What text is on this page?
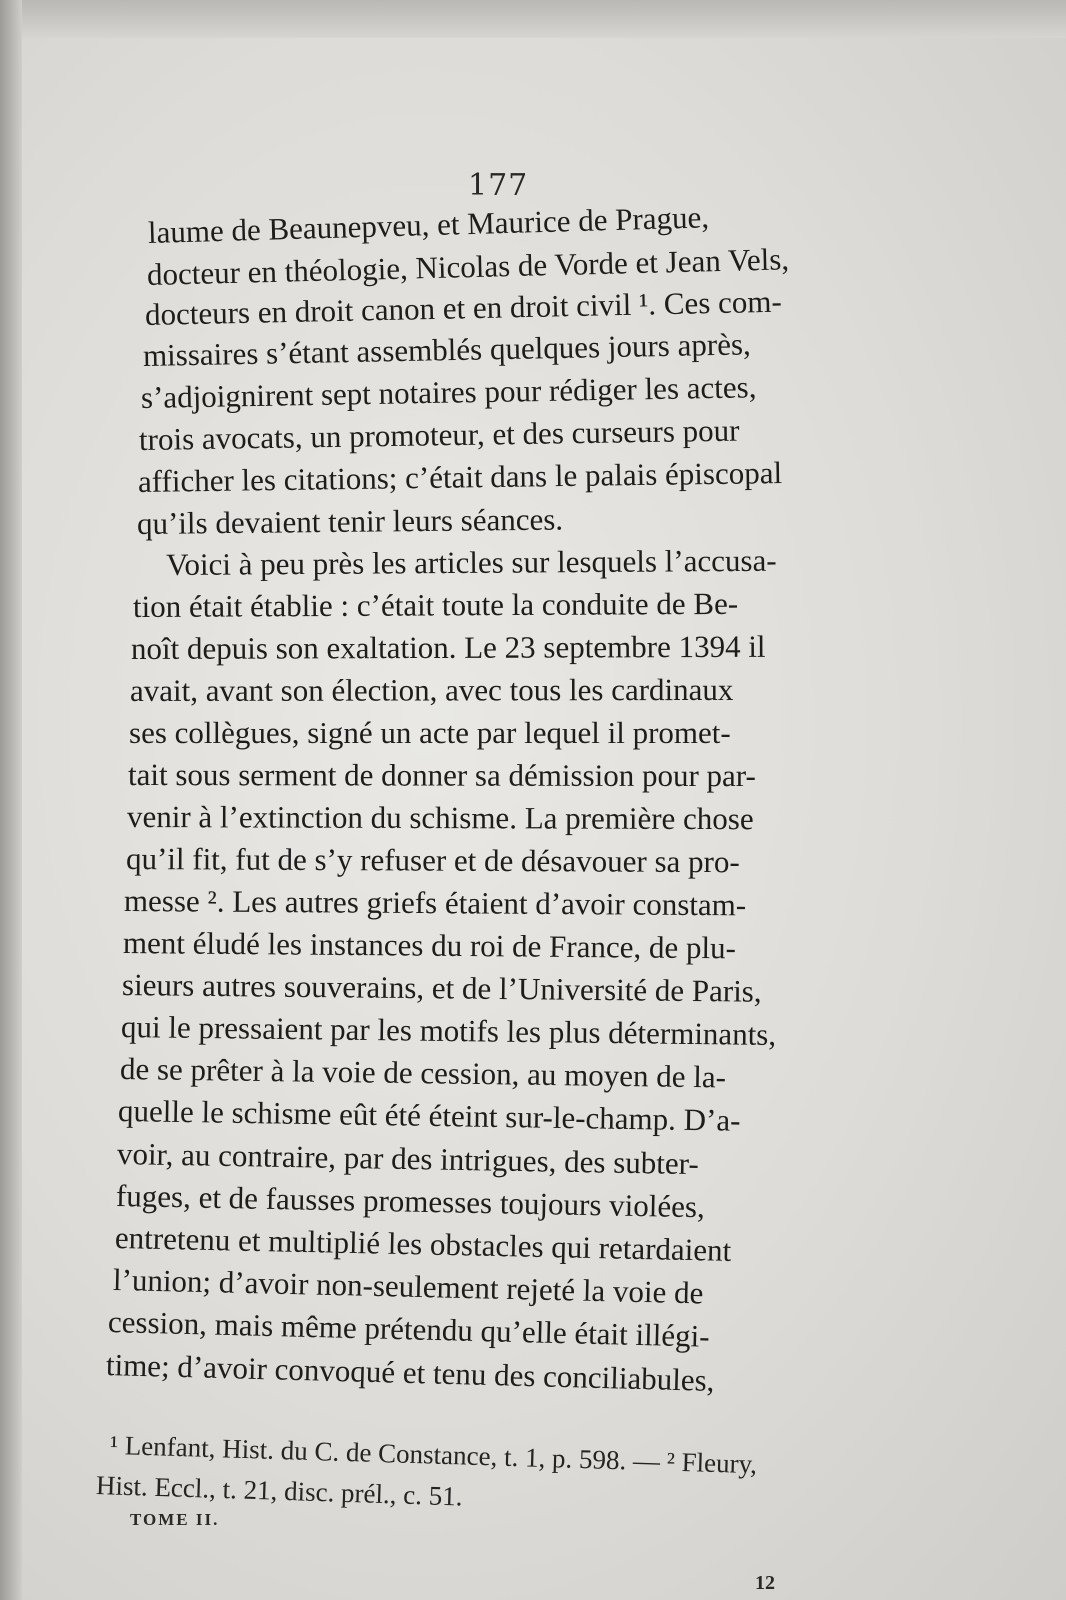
177
laume de Beaunepveu, et Maurice de Prague,
docteur en théologie, Nicolas de Vorde et Jean Vels,
docteurs en droit canon et en droit civil ¹. Ces com-
missaires s’étant assemblés quelques jours après,
s’adjoignirent sept notaires pour rédiger les actes,
trois avocats, un promoteur, et des curseurs pour
afficher les citations; c’était dans le palais épiscopal
qu’ils devaient tenir leurs séances.
Voici à peu près les articles sur lesquels l’accusa-
tion était établie : c’était toute la conduite de Be-
noît depuis son exaltation. Le 23 septembre 1394 il
avait, avant son élection, avec tous les cardinaux
ses collègues, signé un acte par lequel il promet-
tait sous serment de donner sa démission pour par-
venir à l’extinction du schisme. La première chose
qu’il fit, fut de s’y refuser et de désavouer sa pro-
messe ². Les autres griefs étaient d’avoir constam-
ment éludé les instances du roi de France, de plu-
sieurs autres souverains, et de l’Université de Paris,
qui le pressaient par les motifs les plus déterminants,
de se prêter à la voie de cession, au moyen de la-
quelle le schisme eût été éteint sur-le-champ. D’a-
voir, au contraire, par des intrigues, des subter-
fuges, et de fausses promesses toujours violées,
entretenu et multiplié les obstacles qui retardaient
l’union; d’avoir non-seulement rejeté la voie de
cession, mais même prétendu qu’elle était illégi-
time; d’avoir convoqué et tenu des conciliabules,
¹ Lenfant, Hist. du C. de Constance, t. 1, p. 598. — ² Fleury,
Hist. Eccl., t. 21, disc. prél., c. 51.
TOME II.
12
